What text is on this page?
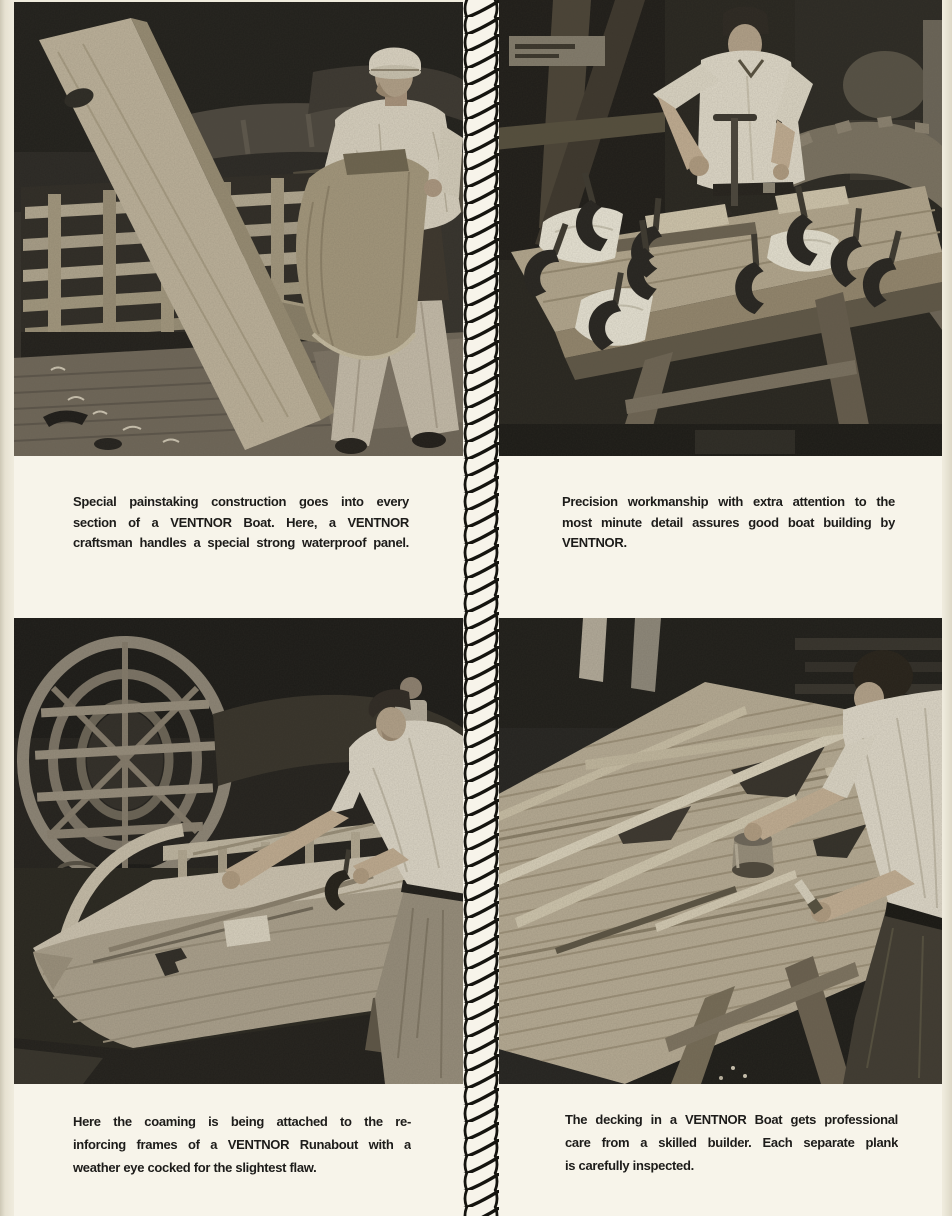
Special painstaking construction goes into every
section of a VENTNOR Boat. Here, a VENTNOR
craftsman handles a special strong waterproof panel.
Precision workmanship with extra attention to the
most minute detail assures good boat building by
VENTNOR.
Here the coaming is being attached to the re-
inforcing frames of a VENTNOR Runabout with a
weather eye cocked for the slightest flaw.
The decking in a VENTNOR Boat gets professional
care from a skilled builder. Each separate plank
is carefully inspected.
